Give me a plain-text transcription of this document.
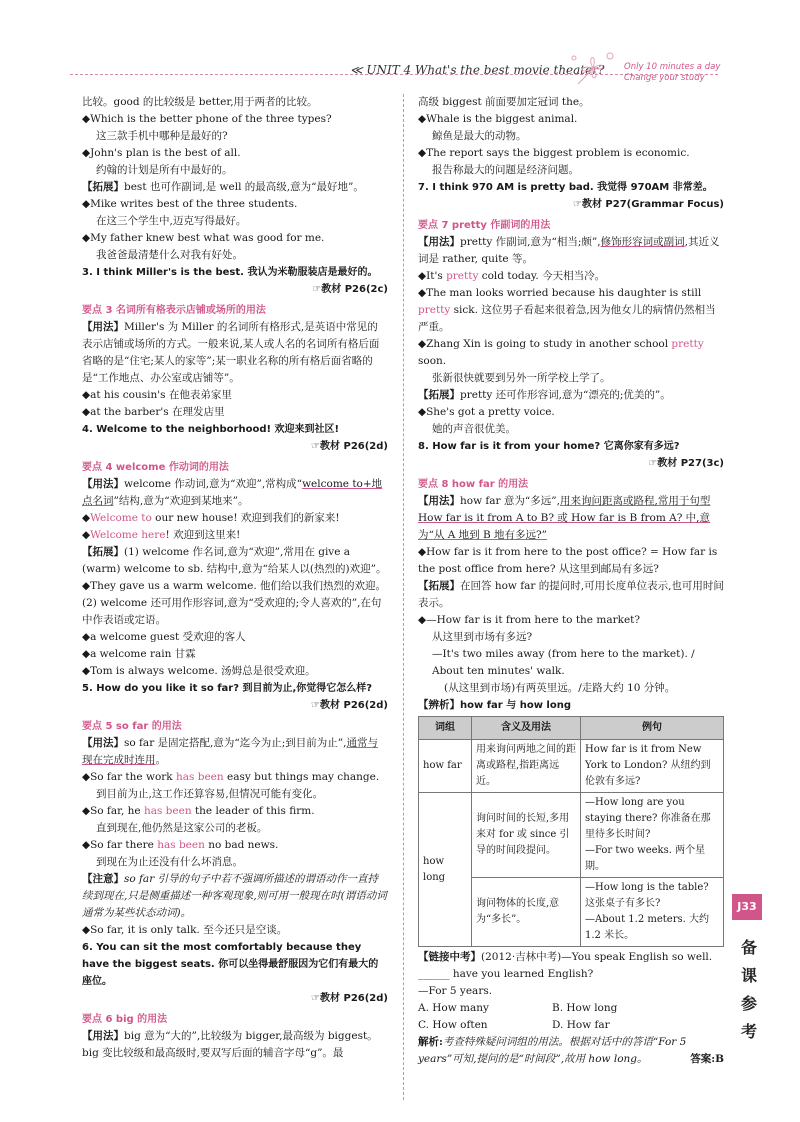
≪ UNIT 4 What's the best movie theater? Only 10 minutes a day
Change your study

比较。good 的比较级是 better,用于两者的比较。

◆Which is the better phone of the three types?

这三款手机中哪种是最好的?

◆John's plan is the best of all.

约翰的计划是所有中最好的。

【拓展】best 也可作副词,是 well 的最高级,意为“最好地”。

◆Mike writes best of the three students.

在这三个学生中,迈克写得最好。

◆My father knew best what was good for me.

我爸爸最清楚什么对我有好处。

3. I think Miller's is the best. 我认为米勒服装店是最好的。

☞教材 P26(2c)

要点 3 名词所有格表示店铺或场所的用法

【用法】Miller's 为 Miller 的名词所有格形式,是英语中常见的表示店铺或场所的方式。一般来说,某人或人名的名词所有格后面省略的是“住宅;某人的家等”;某一职业名称的所有格后面省略的是“工作地点、办公室或店铺等”。

◆at his cousin's 在他表弟家里

◆at the barber's 在理发店里

4. Welcome to the neighborhood! 欢迎来到社区!

☞教材 P26(2d)

要点 4 welcome 作动词的用法

【用法】welcome 作动词,意为“欢迎”,常构成“welcome to+地点名词”结构,意为“欢迎到某地来”。

◆Welcome to our new house! 欢迎到我们的新家来!

◆Welcome here! 欢迎到这里来!

【拓展】(1) welcome 作名词,意为“欢迎”,常用在 give a (warm) welcome to sb. 结构中,意为“给某人以(热烈的)欢迎”。

◆They gave us a warm welcome. 他们给以我们热烈的欢迎。

(2) welcome 还可用作形容词,意为“受欢迎的;令人喜欢的”,在句中作表语或定语。

◆a welcome guest 受欢迎的客人

◆a welcome rain 甘霖

◆Tom is always welcome. 汤姆总是很受欢迎。

5. How do you like it so far? 到目前为止,你觉得它怎么样?

☞教材 P26(2d)

要点 5 so far 的用法

【用法】so far 是固定搭配,意为“迄今为止;到目前为止”,通常与现在完成时连用。

◆So far the work has been easy but things may change.

到目前为止,这工作还算容易,但情况可能有变化。

◆So far, he has been the leader of this firm.

直到现在,他仍然是这家公司的老板。

◆So far there has been no bad news.

到现在为止还没有什么坏消息。

【注意】so far 引导的句子中若不强调所描述的谓语动作一直持续到现在,只是侧重描述一种客观现象,则可用一般现在时(谓语动词通常为某些状态动词)。

◆So far, it is only talk. 至今还只是空谈。

6. You can sit the most comfortably because they have the biggest seats. 你可以坐得最舒服因为它们有最大的座位。

☞教材 P26(2d)

要点 6 big 的用法

【用法】big 意为“大的”,比较级为 bigger,最高级为 biggest。big 变比较级和最高级时,要双写后面的辅音字母“g”。最

高级 biggest 前面要加定冠词 the。

◆Whale is the biggest animal.

鲸鱼是最大的动物。

◆The report says the biggest problem is economic.

报告称最大的问题是经济问题。

7. I think 970 AM is pretty bad. 我觉得 970AM 非常差。

☞教材 P27(Grammar Focus)

要点 7 pretty 作副词的用法

【用法】pretty 作副词,意为“相当;颇”,修饰形容词或副词,其近义词是 rather, quite 等。

◆It's pretty cold today. 今天相当冷。

◆The man looks worried because his daughter is still pretty sick. 这位男子看起来很着急,因为他女儿的病情仍然相当严重。

◆Zhang Xin is going to study in another school pretty soon.

张新很快就要到另外一所学校上学了。

【拓展】pretty 还可作形容词,意为“漂亮的;优美的”。

◆She's got a pretty voice.

她的声音很优美。

8. How far is it from your home? 它离你家有多远?

☞教材 P27(3c)

要点 8 how far 的用法

【用法】how far 意为“多远”,用来询问距离或路程,常用于句型 How far is it from A to B? 或 How far is B from A? 中,意为“从 A 地到 B 地有多远?”

◆How far is it from here to the post office? = How far is the post office from here? 从这里到邮局有多远?

【拓展】在回答 how far 的提问时,可用长度单位表示,也可用时间表示。

◆—How far is it from here to the market?

从这里到市场有多远?

—It's two miles away (from here to the market). / About ten minutes' walk.

(从这里到市场)有两英里远。/走路大约 10 分钟。

【辨析】how far 与 how long

词组	含义及用法	例句
how far	用来询问两地之间的距离或路程,指距离远近。	How far is it from New York to London? 从纽约到伦敦有多远?
how long	询问时间的长短,多用来对 for 或 since 引导的时间段提问。	—How long are you staying there? 你准备在那里待多长时间?
—For two weeks. 两个星期。

	询问物体的长度,意为“多长”。	—How long is the table? 这张桌子有多长?
—About 1.2 meters. 大约 1.2 米长。

【链接中考】(2012·吉林中考)—You speak English so well. ______ have you learned English?

—For 5 years.

A. How many	B. How long

C. How often	D. How far

解析:考查特殊疑问词组的用法。根据对话中的答语“For 5 years”可知,提问的是“时间段”,故用 how long。	答案:B

J33
备课参考
